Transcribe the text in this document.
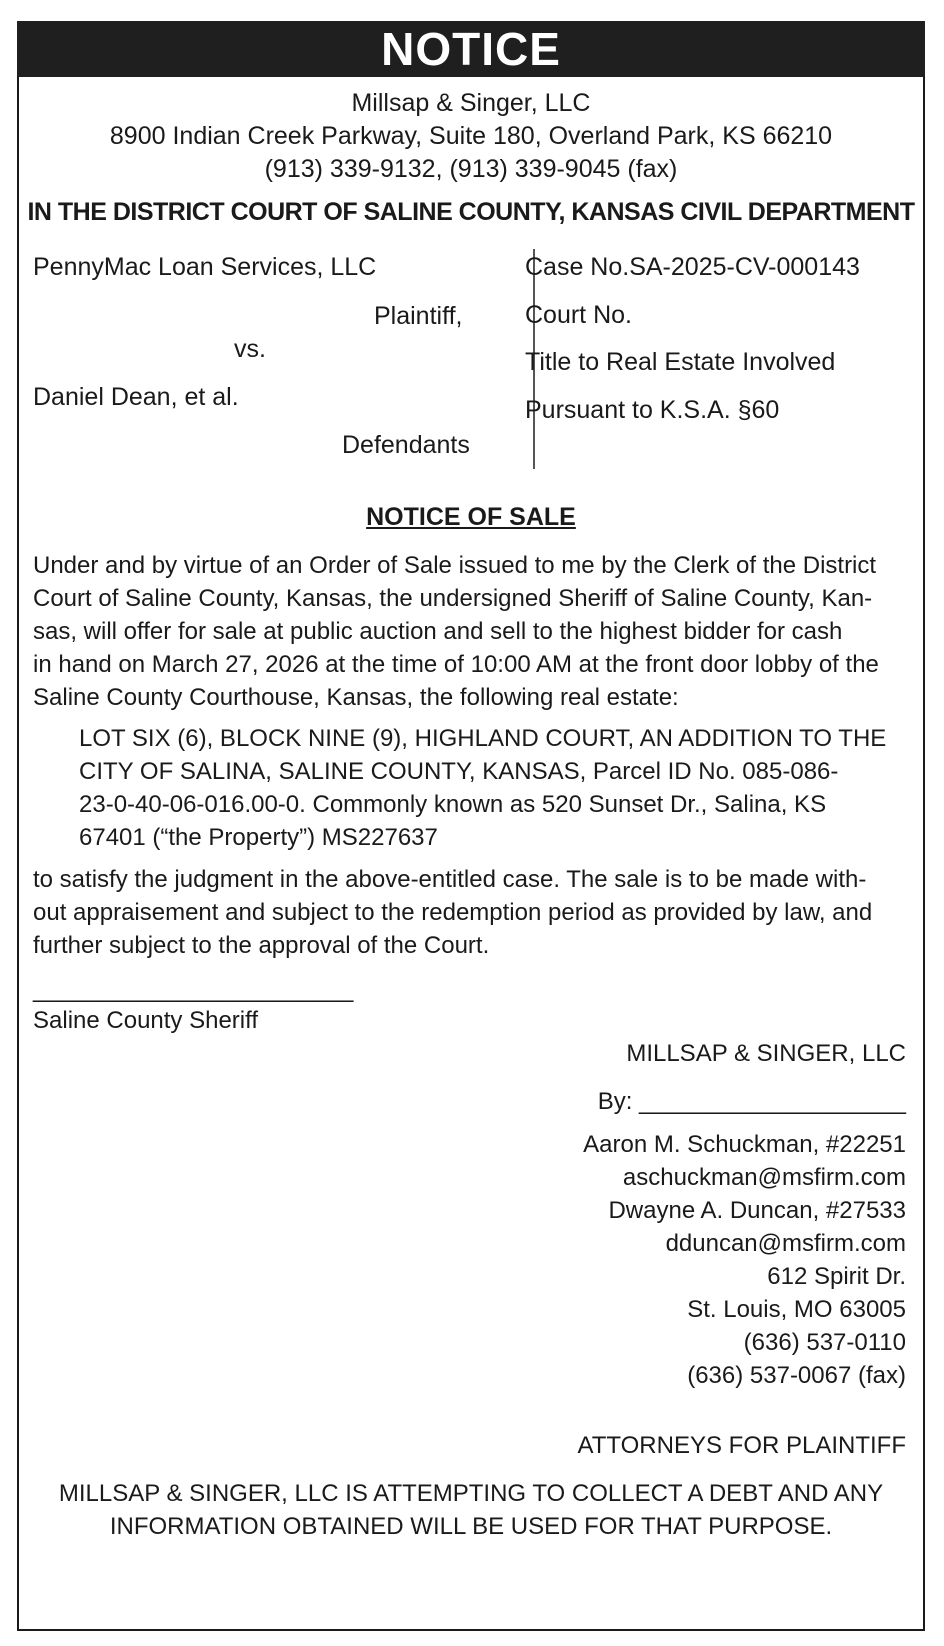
NOTICE
Millsap & Singer, LLC
8900 Indian Creek Parkway, Suite 180, Overland Park, KS 66210
(913) 339-9132, (913) 339-9045 (fax)
IN THE DISTRICT COURT OF SALINE COUNTY, KANSAS CIVIL DEPARTMENT
PennyMac Loan Services, LLC
Plaintiff,
vs.
Daniel Dean, et al.
Defendants
Case No.SA-2025-CV-000143
Court No.
Title to Real Estate Involved
Pursuant to K.S.A. §60
NOTICE OF SALE
Under and by virtue of an Order of Sale issued to me by the Clerk of the District
Court of Saline County, Kansas, the undersigned Sheriff of Saline County, Kan-
sas, will offer for sale at public auction and sell to the highest bidder for cash
in hand on March 27, 2026 at the time of 10:00 AM at the front door lobby of the
Saline County Courthouse, Kansas, the following real estate:
LOT SIX (6), BLOCK NINE (9), HIGHLAND COURT, AN ADDITION TO THE
CITY OF SALINA, SALINE COUNTY, KANSAS, Parcel ID No. 085-086-
23-0-40-06-016.00-0. Commonly known as 520 Sunset Dr., Salina, KS
67401 (“the Property”) MS227637
to satisfy the judgment in the above-entitled case. The sale is to be made with-
out appraisement and subject to the redemption period as provided by law, and
further subject to the approval of the Court.
________________________
Saline County Sheriff
MILLSAP & SINGER, LLC
By: ____________________
Aaron M. Schuckman, #22251
aschuckman@msfirm.com
Dwayne A. Duncan, #27533
dduncan@msfirm.com
612 Spirit Dr.
St. Louis, MO 63005
(636) 537-0110
(636) 537-0067 (fax)
ATTORNEYS FOR PLAINTIFF
MILLSAP & SINGER, LLC IS ATTEMPTING TO COLLECT A DEBT AND ANY
INFORMATION OBTAINED WILL BE USED FOR THAT PURPOSE.
